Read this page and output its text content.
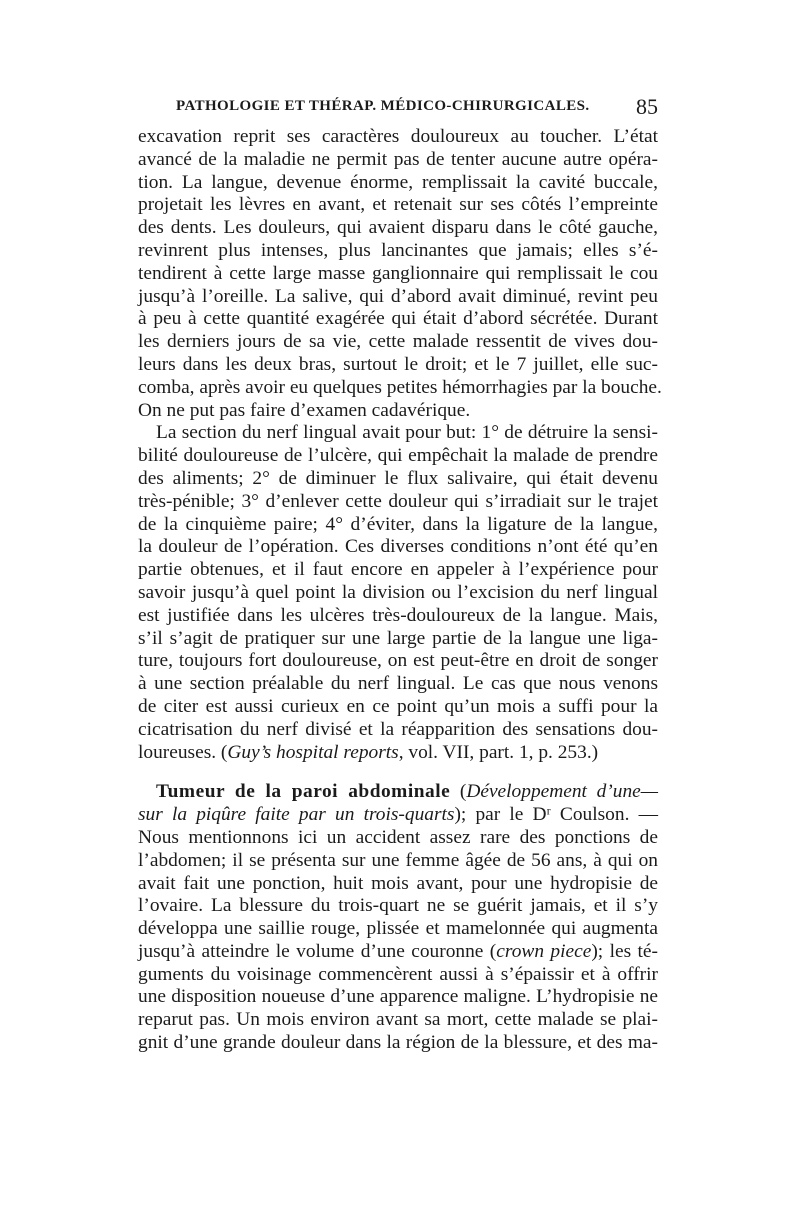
PATHOLOGIE ET THÉRAP. MÉDICO-CHIRURGICALES. 85

excavation reprit ses caractères douloureux au toucher. L’état
avancé de la maladie ne permit pas de tenter aucune autre opéra-
tion. La langue, devenue énorme, remplissait la cavité buccale,
projetait les lèvres en avant, et retenait sur ses côtés l’empreinte
des dents. Les douleurs, qui avaient disparu dans le côté gauche,
revinrent plus intenses, plus lancinantes que jamais; elles s’é-
tendirent à cette large masse ganglionnaire qui remplissait le cou
jusqu’à l’oreille. La salive, qui d’abord avait diminué, revint peu
à peu à cette quantité exagérée qui était d’abord sécrétée. Durant
les derniers jours de sa vie, cette malade ressentit de vives dou-
leurs dans les deux bras, surtout le droit; et le 7 juillet, elle suc-
comba, après avoir eu quelques petites hémorrhagies par la bouche.
On ne put pas faire d’examen cadavérique.

La section du nerf lingual avait pour but: 1° de détruire la sensi-
bilité douloureuse de l’ulcère, qui empêchait la malade de prendre
des aliments; 2° de diminuer le flux salivaire, qui était devenu
très-pénible; 3° d’enlever cette douleur qui s’irradiait sur le trajet
de la cinquième paire; 4° d’éviter, dans la ligature de la langue,
la douleur de l’opération. Ces diverses conditions n’ont été qu’en
partie obtenues, et il faut encore en appeler à l’expérience pour
savoir jusqu’à quel point la division ou l’excision du nerf lingual
est justifiée dans les ulcères très-douloureux de la langue. Mais,
s’il s’agit de pratiquer sur une large partie de la langue une liga-
ture, toujours fort douloureuse, on est peut-être en droit de songer
à une section préalable du nerf lingual. Le cas que nous venons
de citer est aussi curieux en ce point qu’un mois a suffi pour la
cicatrisation du nerf divisé et la réapparition des sensations dou-
loureuses. (Guy’s hospital reports, vol. VII, part. 1, p. 253.)

Tumeur de la paroi abdominale (Développement d’une—
sur la piqûre faite par un trois-quarts); par le Dʳ Coulson. —
Nous mentionnons ici un accident assez rare des ponctions de
l’abdomen; il se présenta sur une femme âgée de 56 ans, à qui on
avait fait une ponction, huit mois avant, pour une hydropisie de
l’ovaire. La blessure du trois-quart ne se guérit jamais, et il s’y
développa une saillie rouge, plissée et mamelonnée qui augmenta
jusqu’à atteindre le volume d’une couronne (crown piece); les té-
guments du voisinage commencèrent aussi à s’épaissir et à offrir
une disposition noueuse d’une apparence maligne. L’hydropisie ne
reparut pas. Un mois environ avant sa mort, cette malade se plai-
gnit d’une grande douleur dans la région de la blessure, et des ma-
